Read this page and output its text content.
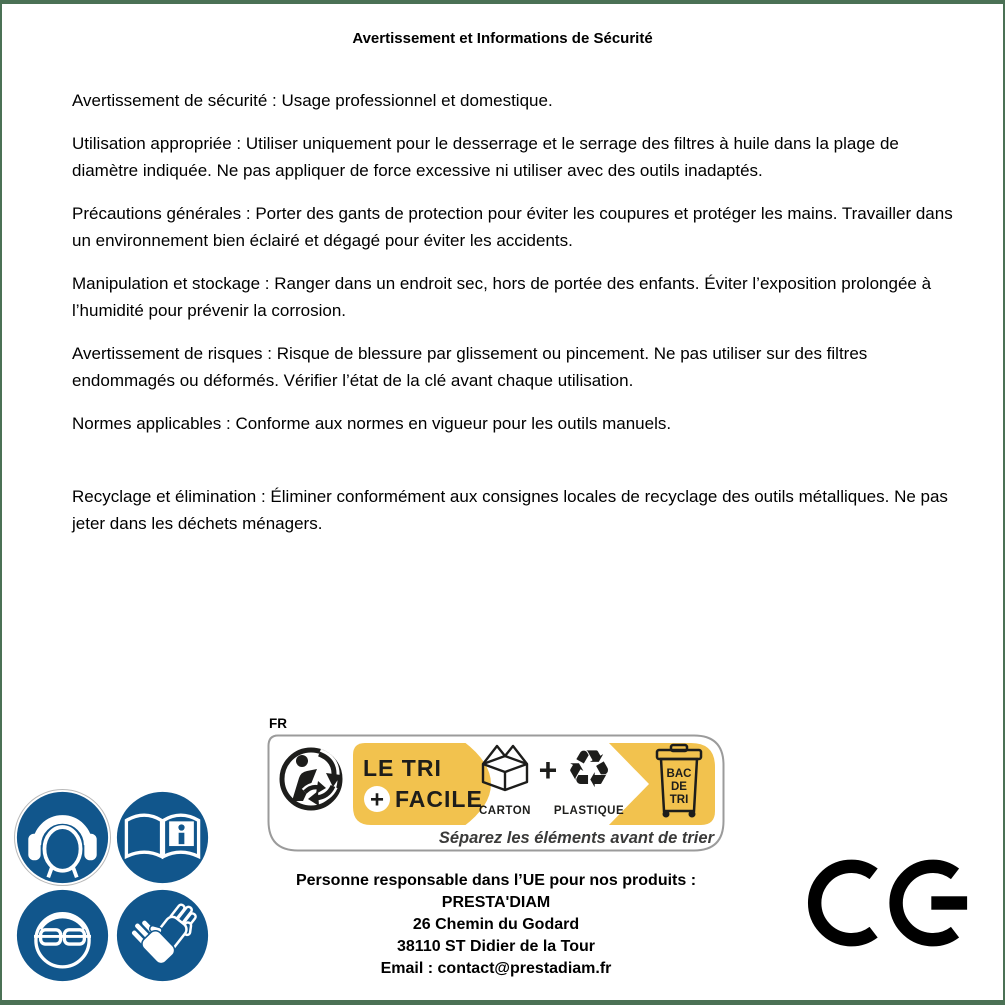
Avertissement et Informations de Sécurité

Avertissement de sécurité : Usage professionnel et domestique.

Utilisation appropriée : Utiliser uniquement pour le desserrage et le serrage des filtres à huile dans la plage de diamètre indiquée. Ne pas appliquer de force excessive ni utiliser avec des outils inadaptés.

Précautions générales : Porter des gants de protection pour éviter les coupures et protéger les mains. Travailler dans un environnement bien éclairé et dégagé pour éviter les accidents.

Manipulation et stockage : Ranger dans un endroit sec, hors de portée des enfants. Éviter l’exposition prolongée à l’humidité pour prévenir la corrosion.

Avertissement de risques : Risque de blessure par glissement ou pincement. Ne pas utiliser sur des filtres endommagés ou déformés. Vérifier l’état de la clé avant chaque utilisation.

Normes applicables : Conforme aux normes en vigueur pour les outils manuels.

Recyclage et élimination : Éliminer conformément aux consignes locales de recyclage des outils métalliques. Ne pas jeter dans les déchets ménagers.

FR
LE TRI
+ FACILE
CARTON
+ ♻
PLASTIQUE
BAC
DE
TRI
Séparez les éléments avant de trier
Personne responsable dans l’UE pour nos produits :
PRESTA'DIAM
26 Chemin du Godard
38110 ST Didier de la Tour
Email : contact@prestadiam.fr
